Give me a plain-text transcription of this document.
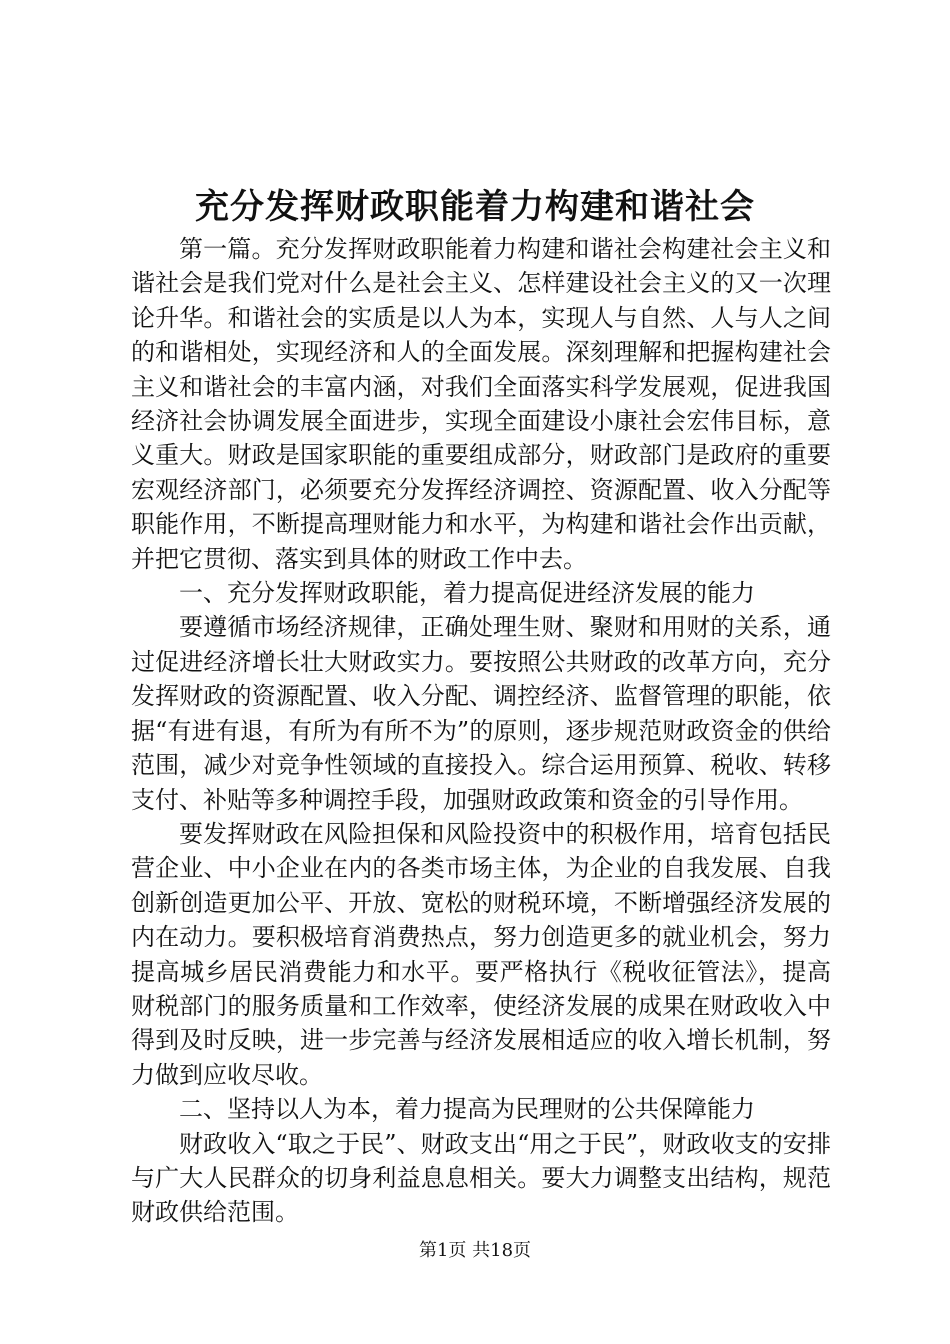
充分发挥财政职能着力构建和谐社会

第一篇。充分发挥财政职能着力构建和谐社会构建社会主义和谐社会是我们党对什么是社会主义、怎样建设社会主义的又一次理论升华。和谐社会的实质是以人为本，实现人与自然、人与人之间的和谐相处，实现经济和人的全面发展。深刻理解和把握构建社会主义和谐社会的丰富内涵，对我们全面落实科学发展观，促进我国经济社会协调发展全面进步，实现全面建设小康社会宏伟目标，意义重大。财政是国家职能的重要组成部分，财政部门是政府的重要宏观经济部门，必须要充分发挥经济调控、资源配置、收入分配等职能作用，不断提高理财能力和水平，为构建和谐社会作出贡献，并把它贯彻、落实到具体的财政工作中去。

一、充分发挥财政职能，着力提高促进经济发展的能力

要遵循市场经济规律，正确处理生财、聚财和用财的关系，通过促进经济增长壮大财政实力。要按照公共财政的改革方向，充分发挥财政的资源配置、收入分配、调控经济、监督管理的职能，依据“有进有退，有所为有所不为”的原则，逐步规范财政资金的供给范围，减少对竞争性领域的直接投入。综合运用预算、税收、转移支付、补贴等多种调控手段，加强财政政策和资金的引导作用。

要发挥财政在风险担保和风险投资中的积极作用，培育包括民营企业、中小企业在内的各类市场主体，为企业的自我发展、自我创新创造更加公平、开放、宽松的财税环境，不断增强经济发展的内在动力。要积极培育消费热点，努力创造更多的就业机会，努力提高城乡居民消费能力和水平。要严格执行《税收征管法》，提高财税部门的服务质量和工作效率，使经济发展的成果在财政收入中得到及时反映，进一步完善与经济发展相适应的收入增长机制，努力做到应收尽收。

二、坚持以人为本，着力提高为民理财的公共保障能力

财政收入“取之于民”、财政支出“用之于民”，财政收支的安排与广大人民群众的切身利益息息相关。要大力调整支出结构，规范财政供给范围。

第1页 共18页
